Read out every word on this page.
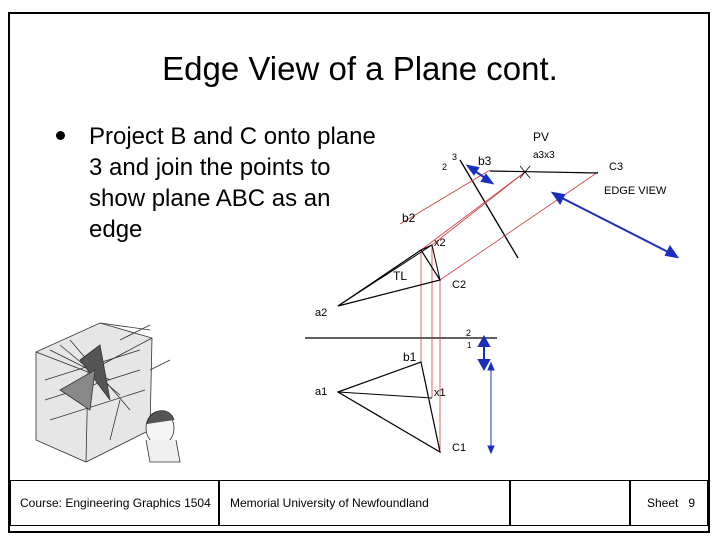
Edge View of a Plane cont.
Project B and C onto plane 3 and join the points to show plane ABC as an edge
PV
a3x3
C3
EDGE VIEW
b3
2
3
b2
x2
TL
C2
a2
2
1
b1
a1	x1
C1
Course: Engineering Graphics 1504 Memorial University of Newfoundland	Sheet 9
